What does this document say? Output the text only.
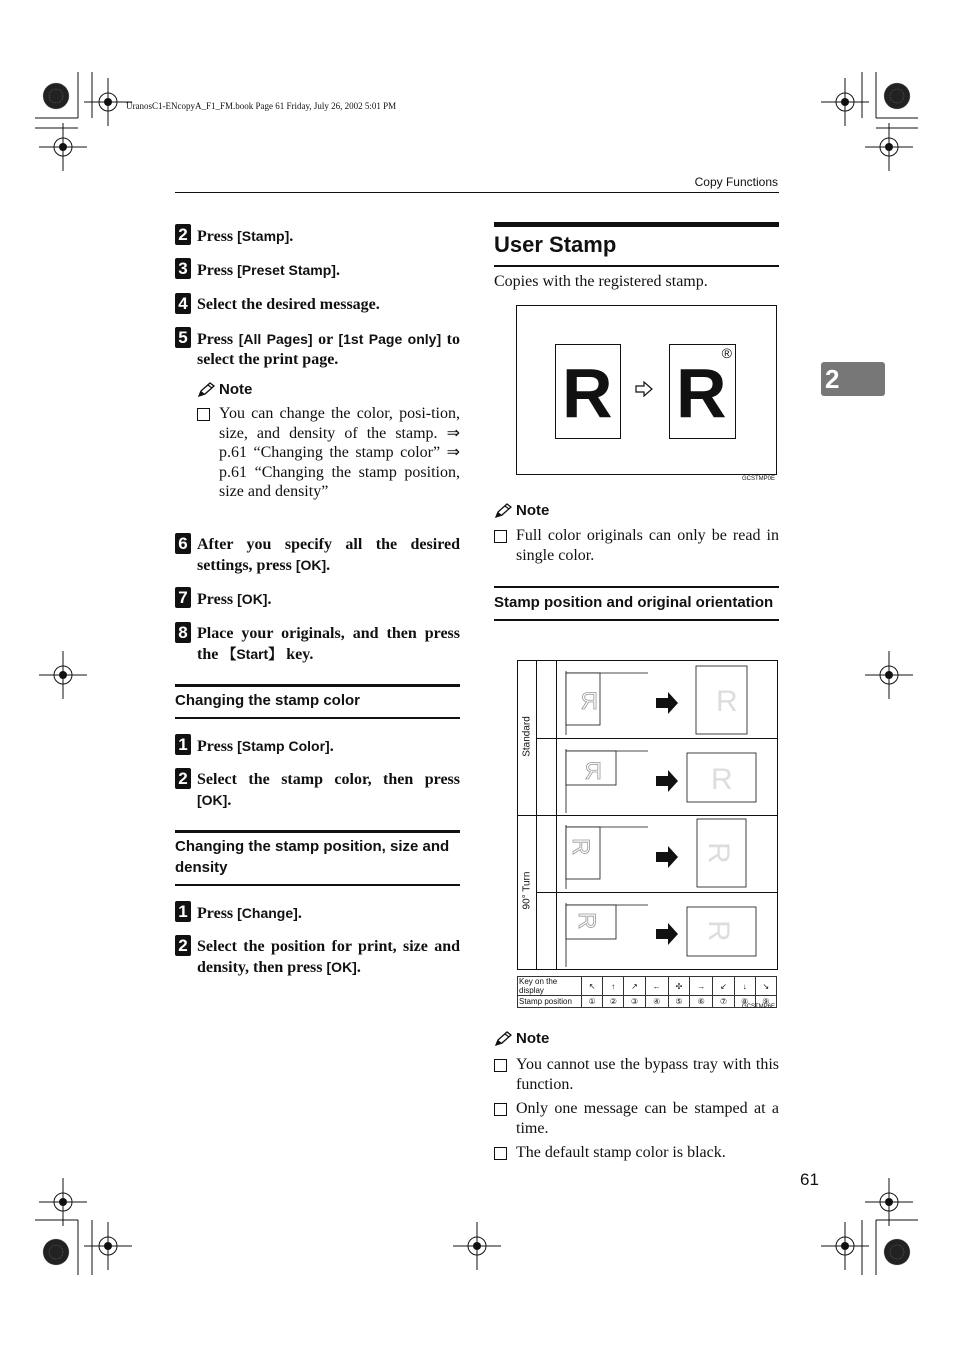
UranosC1-ENcopyA_F1_FM.book Page 61 Friday, July 26, 2002 5:01 PM
Copy Functions
2
2 Press [Stamp].
3 Press [Preset Stamp].
4 Select the desired message.
5 Press [All Pages] or [1st Page only] to select the print page.
Note
You can change the color, posi-tion, size, and density of the stamp. ⇒ p.61 “Changing the stamp color” ⇒ p.61 “Changing the stamp position, size and density”
6 After you specify all the desired settings, press [OK].
7 Press [OK].
8 Place your originals, and then press the 【Start】 key.
Changing the stamp color
1 Press [Stamp Color].
2 Select the stamp color, then press [OK].
Changing the stamp position, size and density
1 Press [Change].
2 Select the position for print, size and density, then press [OK].
User Stamp
Copies with the registered stamp.
R R
®
GCSTMP0E
Note
Full color originals can only be read in single color.
Stamp position and original orientation
Standard
90° Turn
R	R
R	R
R	R
R	R
Key on the display	↖	↑	↗	←	✣	→	↙	↓	↘
Stamp position	①	②	③	④	⑤	⑥	⑦	⑧	⑨
GCSTMP6E
Note
You cannot use the bypass tray with this function.
Only one message can be stamped at a time.
The default stamp color is black.
61
